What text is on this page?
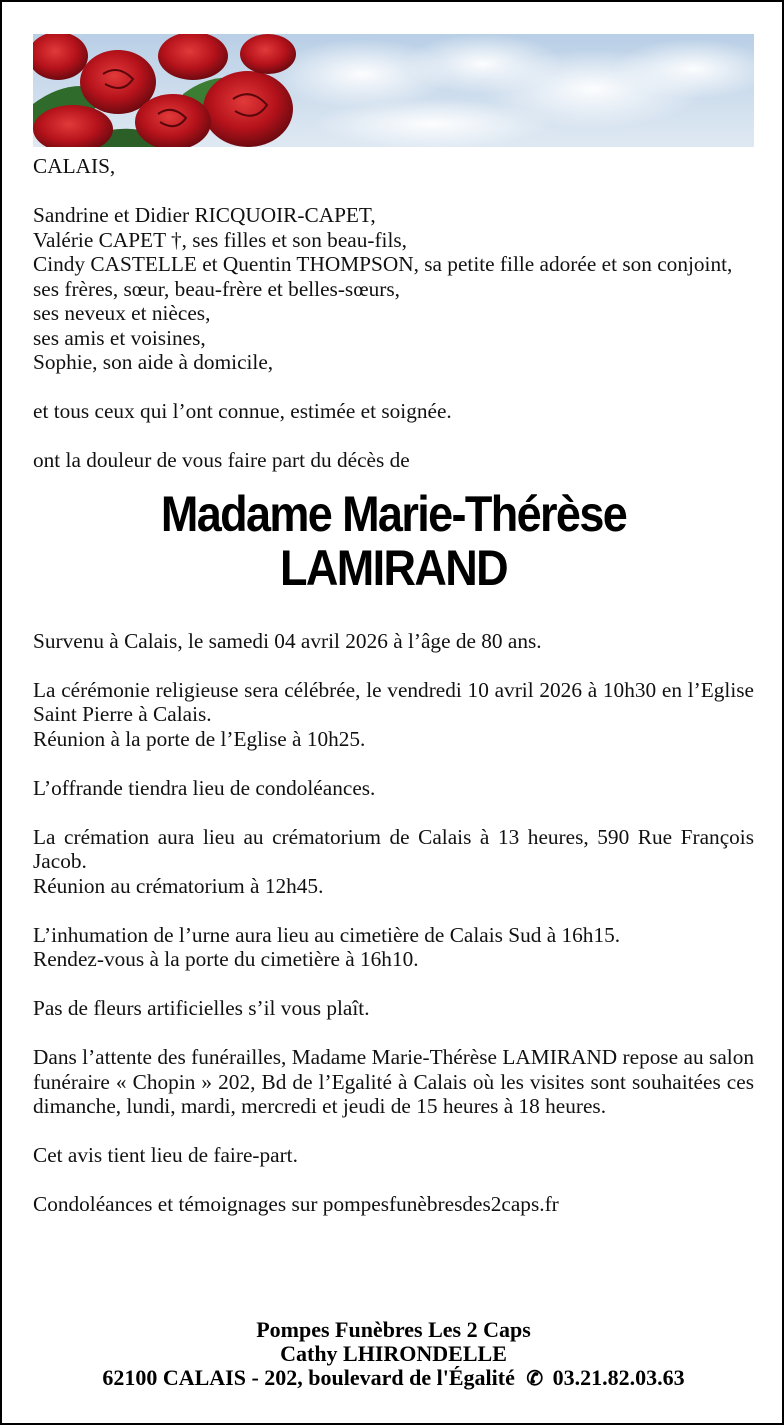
CALAIS,

Sandrine et Didier RICQUOIR-CAPET,

Valérie CAPET †, ses filles et son beau-fils,

Cindy CASTELLE et Quentin THOMPSON, sa petite fille adorée et son conjoint,

ses frères, sœur, beau-frère et belles-sœurs,

ses neveux et nièces,

ses amis et voisines,

Sophie, son aide à domicile,

et tous ceux qui l’ont connue, estimée et soignée.

ont la douleur de vous faire part du décès de

Madame Marie-Thérèse
LAMIRAND

Survenu à Calais, le samedi 04 avril 2026 à l’âge de 80 ans.

La cérémonie religieuse sera célébrée, le vendredi 10 avril 2026 à 10h30 en l’Eglise Saint Pierre à Calais.

Réunion à la porte de l’Eglise à 10h25.

L’offrande tiendra lieu de condoléances.

La crémation aura lieu au crématorium de Calais à 13 heures, 590 Rue François Jacob.

Réunion au crématorium à 12h45.

L’inhumation de l’urne aura lieu au cimetière de Calais Sud à 16h15.

Rendez-vous à la porte du cimetière à 16h10.

Pas de fleurs artificielles s’il vous plaît.

Dans l’attente des funérailles, Madame Marie-Thérèse LAMIRAND repose au salon funéraire « Chopin » 202, Bd de l’Egalité à Calais où les visites sont souhaitées ces dimanche, lundi, mardi, mercredi et jeudi de 15 heures à 18 heures.

Cet avis tient lieu de faire-part.

Condoléances et témoignages sur pompesfunèbresdes2caps.fr

Pompes Funèbres Les 2 Caps
Cathy LHIRONDELLE
62100 CALAIS - 202, boulevard de l'Égalité ✆ 03.21.82.03.63
